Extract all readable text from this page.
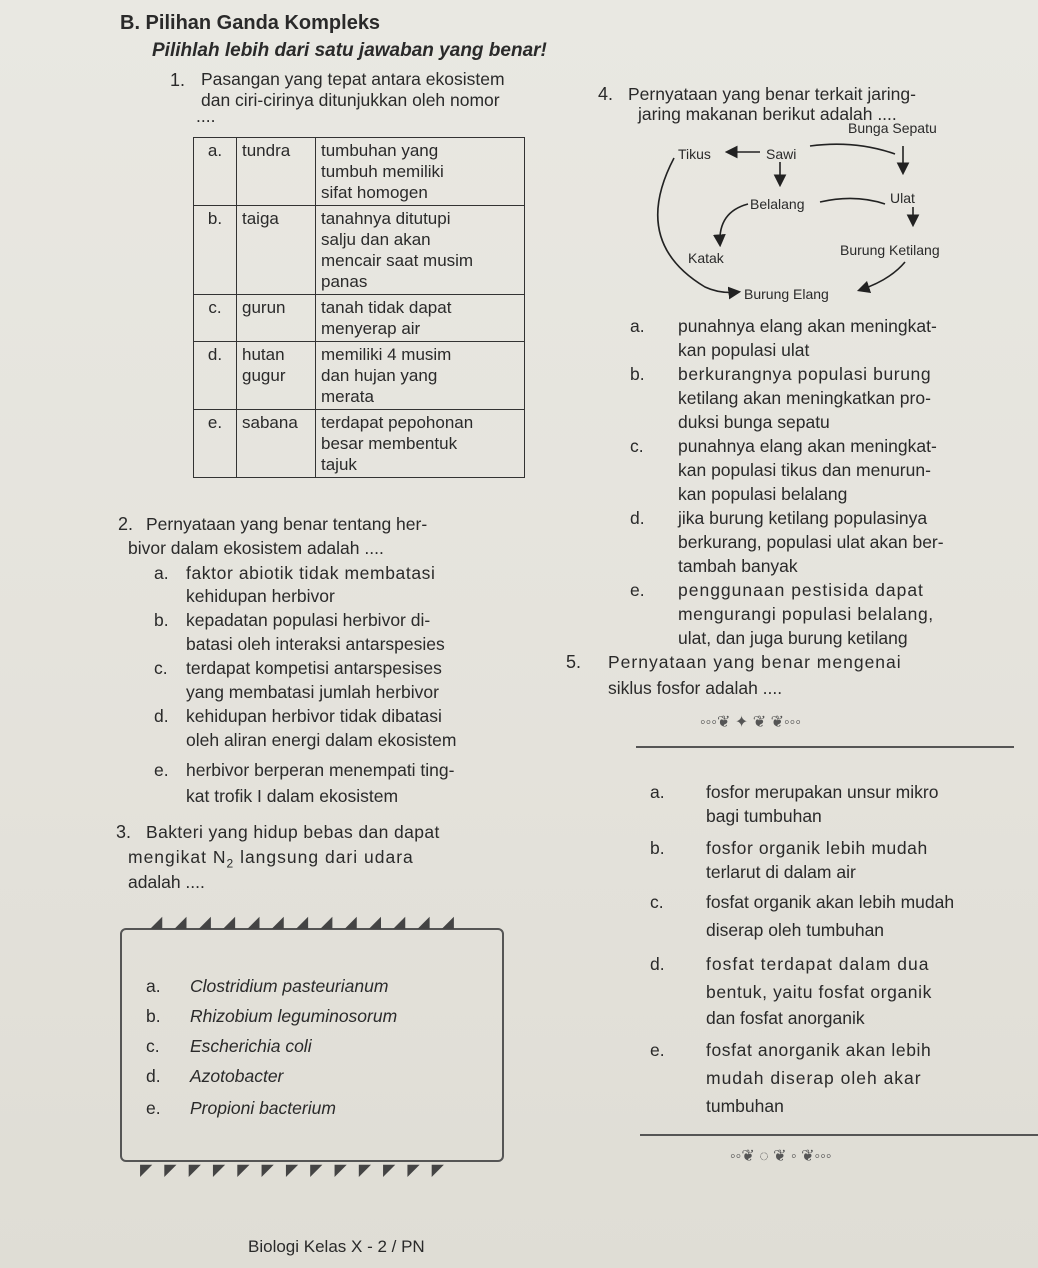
B. Pilihan Ganda Kompleks
Pilihlah lebih dari satu jawaban yang benar!
1. Pasangan yang tepat antara ekosistem
dan ciri-cirinya ditunjukkan oleh nomor
....
a.	tundra	tumbuhan yang
tumbuh memiliki
sifat homogen

b.	taiga	tanahnya ditutupi
salju dan akan
mencair saat musim
panas

c.	gurun	tanah tidak dapat
menyerap air

d.	hutan gugur	memiliki 4 musim
dan hujan yang
merata

e.	sabana	terdapat pepohonan
besar membentuk
tajuk
2. Pernyataan yang benar tentang her-
bivor dalam ekosistem adalah ....
a. faktor abiotik tidak membatasi
kehidupan herbivor
b. kepadatan populasi herbivor di-
batasi oleh interaksi antarspesies
c. terdapat kompetisi antarspesises
yang membatasi jumlah herbivor
d. kehidupan herbivor tidak dibatasi
oleh aliran energi dalam ekosistem
e. herbivor berperan menempati ting-
kat trofik I dalam ekosistem
3. Bakteri yang hidup bebas dan dapat
mengikat $N_2$ langsung dari udara
adalah ....
◢◢◢◢◢◢◢◢◢◢◢◢◢
◤◤◤◤◤◤◤◤◤◤◤◤◤
a. Clostridium pasteurianum
b. Rhizobium leguminosorum
c. Escherichia coli
d. Azotobacter
e. Propioni bacterium
4. Pernyataan yang benar terkait jaring-
jaring makanan berikut adalah ....
Bunga Sepatu
Tikus	Sawi
Belalang	Ulat
Katak	Burung Ketilang
Burung Elang
a. punahnya elang akan meningkat-
kan populasi ulat
b. berkurangnya populasi burung
ketilang akan meningkatkan pro-
duksi bunga sepatu
c. punahnya elang akan meningkat-
kan populasi tikus dan menurun-
kan populasi belalang
d. jika burung ketilang populasinya
berkurang, populasi ulat akan ber-
tambah banyak
e. penggunaan pestisida dapat
mengurangi populasi belalang,
ulat, dan juga burung ketilang
5. Pernyataan yang benar mengenai
siklus fosfor adalah ....
◦◦◦❦ ✦ ❦ ❦◦◦◦
a. fosfor merupakan unsur mikro
bagi tumbuhan
b. fosfor organik lebih mudah
terlarut di dalam air
c. fosfat organik akan lebih mudah
diserap oleh tumbuhan
d. fosfat terdapat dalam dua
bentuk, yaitu fosfat organik
dan fosfat anorganik
e. fosfat anorganik akan lebih
mudah diserap oleh akar
tumbuhan
◦◦❦ ◌ ❦ ◦ ❦◦◦◦
Biologi Kelas X - 2 / PN
